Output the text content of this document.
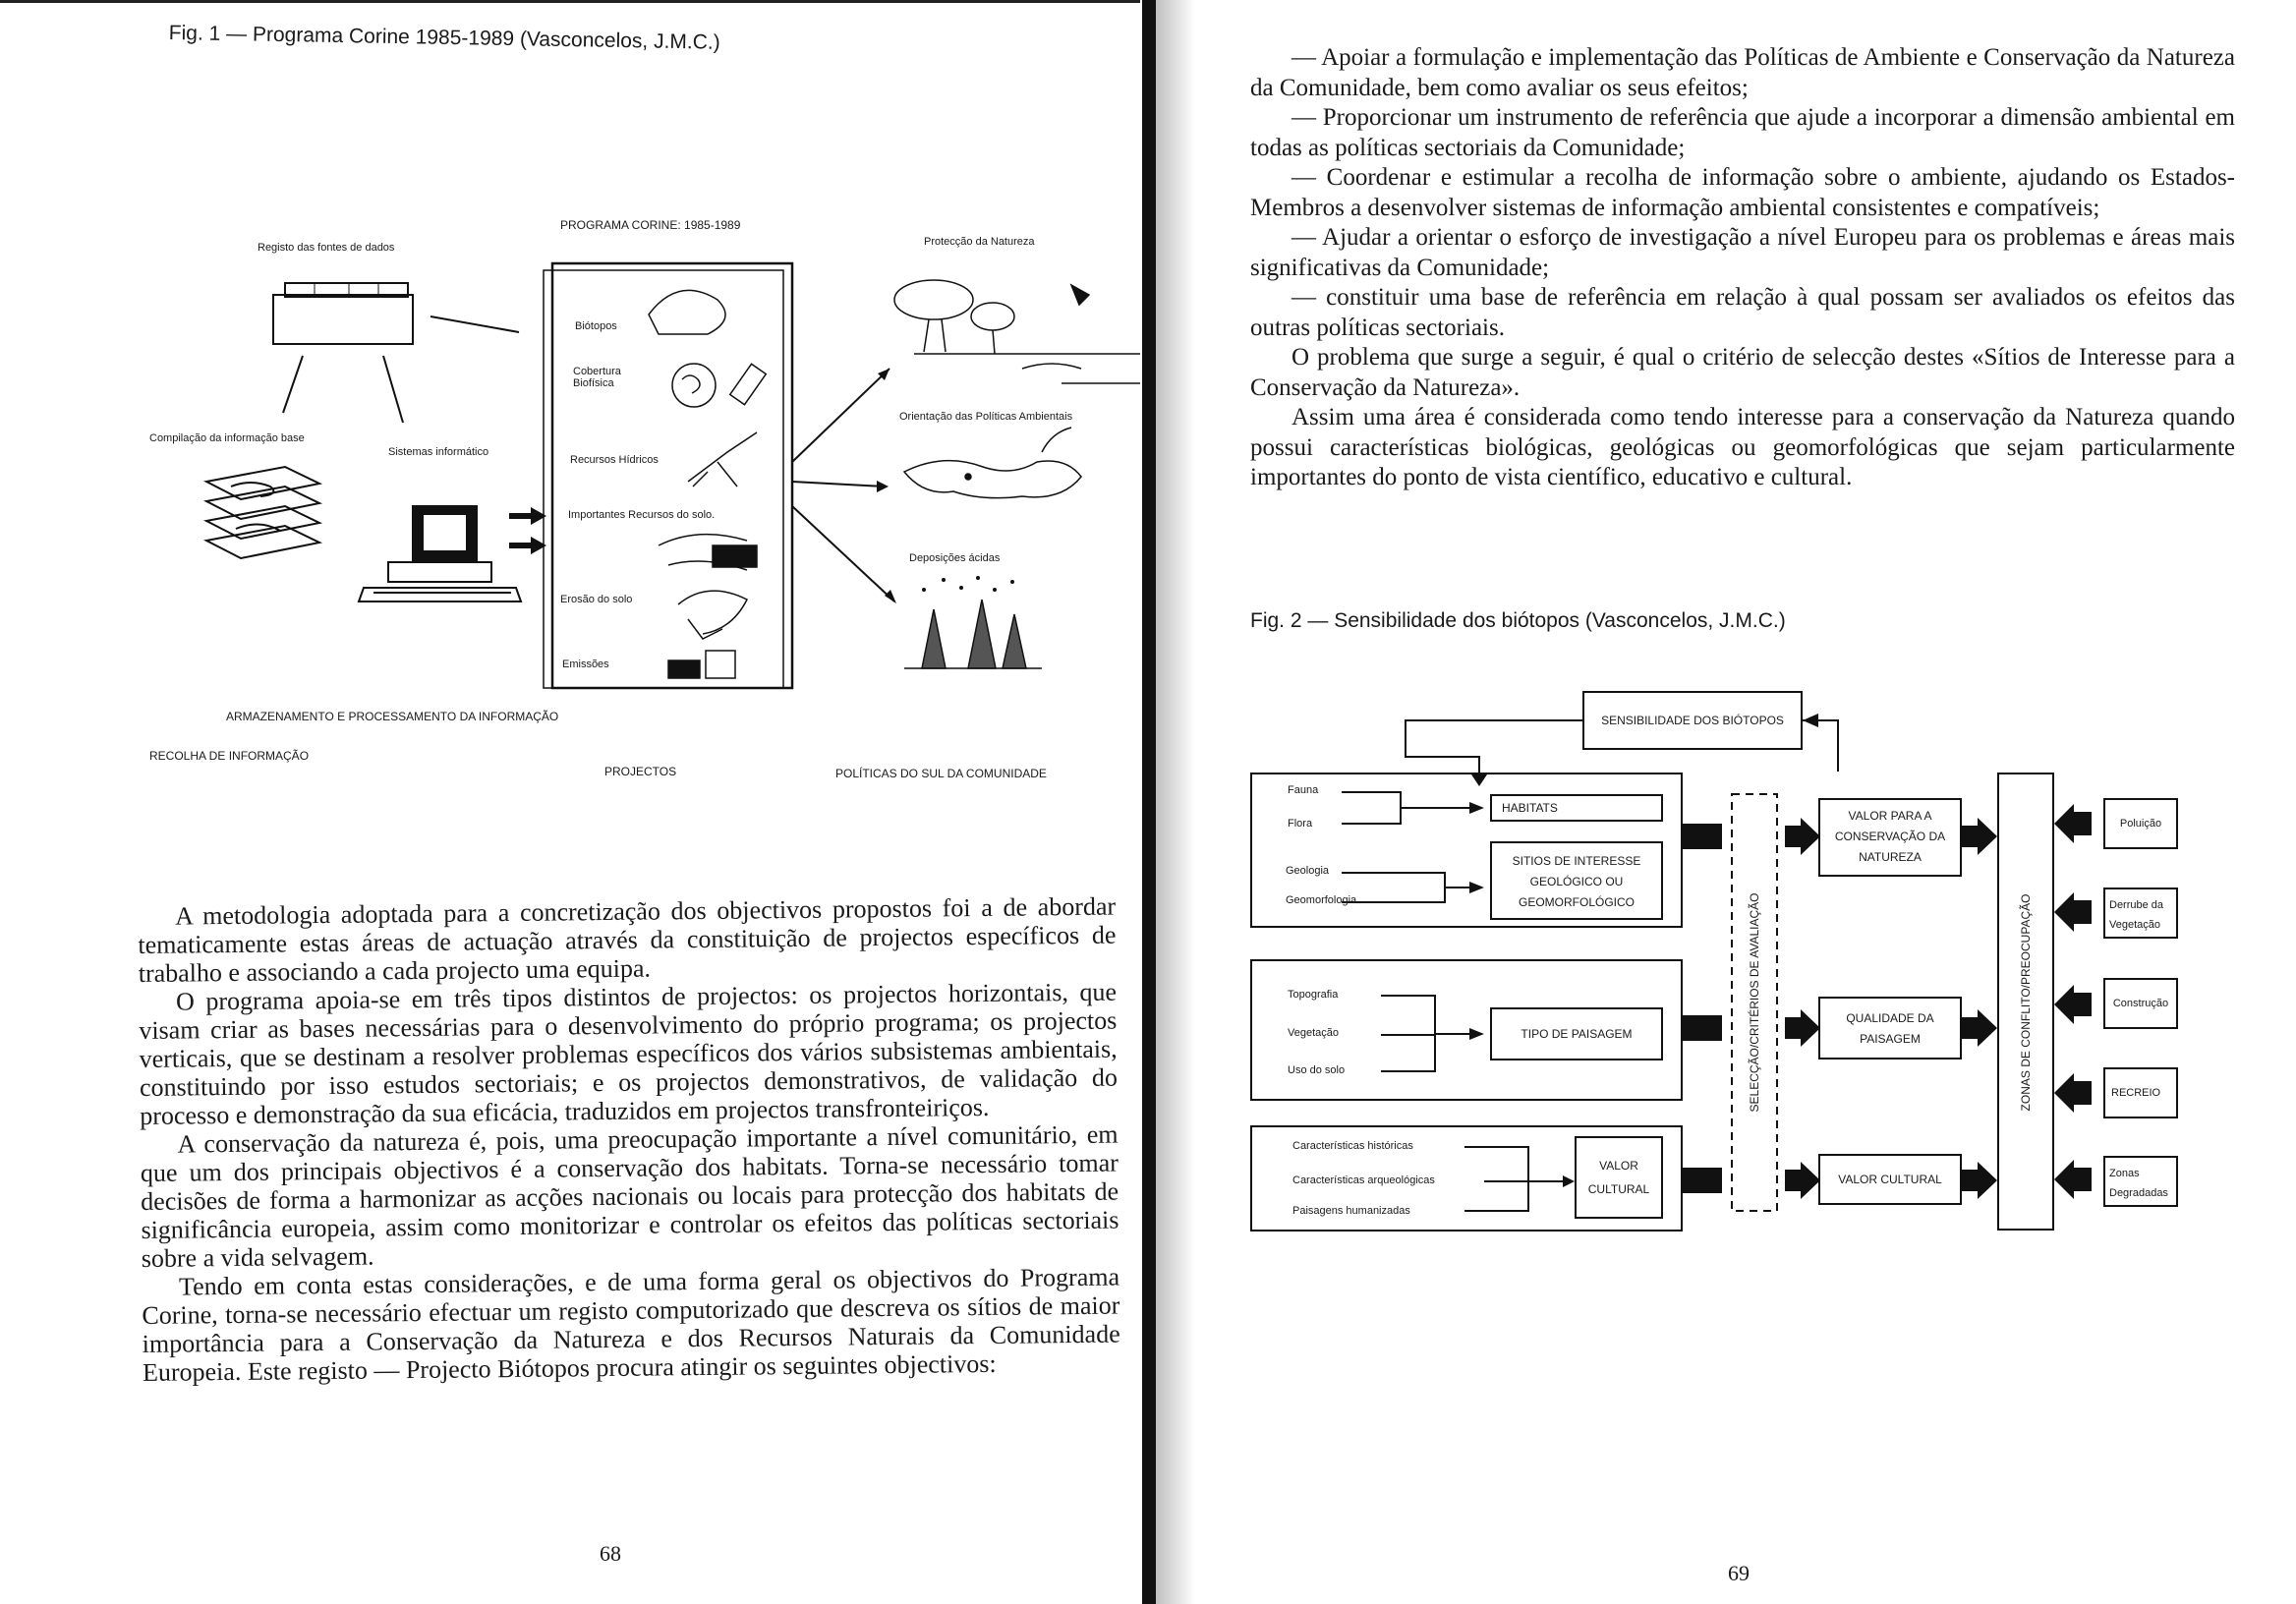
Fig. 1 — Programa Corine 1985-1989 (Vasconcelos, J.M.C.)
PROGRAMA CORINE: 1985-1989
Registo das fontes de dados
Compilação da informação base
Sistemas informático
Biótopos
Cobertura Biofísica
Recursos Hídricos
Importantes Recursos do solo.
Erosão do solo
Emissões
Protecção da Natureza
Orientação das Políticas Ambientais
Deposições ácidas
ARMAZENAMENTO E PROCESSAMENTO DA INFORMAÇÃO
RECOLHA DE INFORMAÇÃO
PROJECTOS	POLÍTICAS DO SUL DA COMUNIDADE

A metodologia adoptada para a concretização dos objectivos propostos foi a de abordar tematicamente estas áreas de actuação através da constituição de projectos específicos de trabalho e associando a cada projecto uma equipa.

O programa apoia-se em três tipos distintos de projectos: os projectos horizontais, que visam criar as bases necessárias para o desenvolvimento do próprio programa; os projectos verticais, que se destinam a resolver problemas específicos dos vários subsistemas ambientais, constituindo por isso estudos sectoriais; e os projectos demonstrativos, de validação do processo e demonstração da sua eficácia, traduzidos em projectos transfronteiriços.

A conservação da natureza é, pois, uma preocupação importante a nível comunitário, em que um dos principais objectivos é a conservação dos habitats. Torna-se necessário tomar decisões de forma a harmonizar as acções nacionais ou locais para protecção dos habitats de significância europeia, assim como monitorizar e controlar os efeitos das políticas sectoriais sobre a vida selvagem.

Tendo em conta estas considerações, e de uma forma geral os objectivos do Programa Corine, torna-se necessário efectuar um registo computorizado que descreva os sítios de maior importância para a Conservação da Natureza e dos Recursos Naturais da Comunidade Europeia. Este registo — Projecto Biótopos procura atingir os seguintes objectivos:

68

— Apoiar a formulação e implementação das Políticas de Ambiente e Conservação da Natureza da Comunidade, bem como avaliar os seus efeitos;

— Proporcionar um instrumento de referência que ajude a incorporar a dimensão ambiental em todas as políticas sectoriais da Comunidade;

— Coordenar e estimular a recolha de informação sobre o ambiente, ajudando os Estados-Membros a desenvolver sistemas de informação ambiental consistentes e compatíveis;

— Ajudar a orientar o esforço de investigação a nível Europeu para os problemas e áreas mais significativas da Comunidade;

— constituir uma base de referência em relação à qual possam ser avaliados os efeitos das outras políticas sectoriais.

O problema que surge a seguir, é qual o critério de selecção destes «Sítios de Interesse para a Conservação da Natureza».

Assim uma área é considerada como tendo interesse para a conservação da Natureza quando possui características biológicas, geológicas ou geomorfológicas que sejam particularmente importantes do ponto de vista científico, educativo e cultural.

Fig. 2 — Sensibilidade dos biótopos (Vasconcelos, J.M.C.)
SENSIBILIDADE DOS BIÓTOPOS
Fauna
Flora
Geologia
Geomorfologia
HABITATS
SITIOS DE INTERESSE GEOLÓGICO OU GEOMORFOLÓGICO
Topografia
Vegetação
Uso do solo
TIPO DE PAISAGEM
Características históricas
Características arqueológicas
Paisagens humanizadas
VALOR CULTURAL
SELECÇÃO/CRITÉRIOS DE AVALIAÇÃO
VALOR PARA A CONSERVAÇÃO DA NATUREZA
QUALIDADE DA PAISAGEM
VALOR CULTURAL
ZONAS DE CONFLITO/PREOCUPAÇÃO
Poluição
Derrube da Vegetação
Construção
RECREIO
Zonas Degradadas
69
